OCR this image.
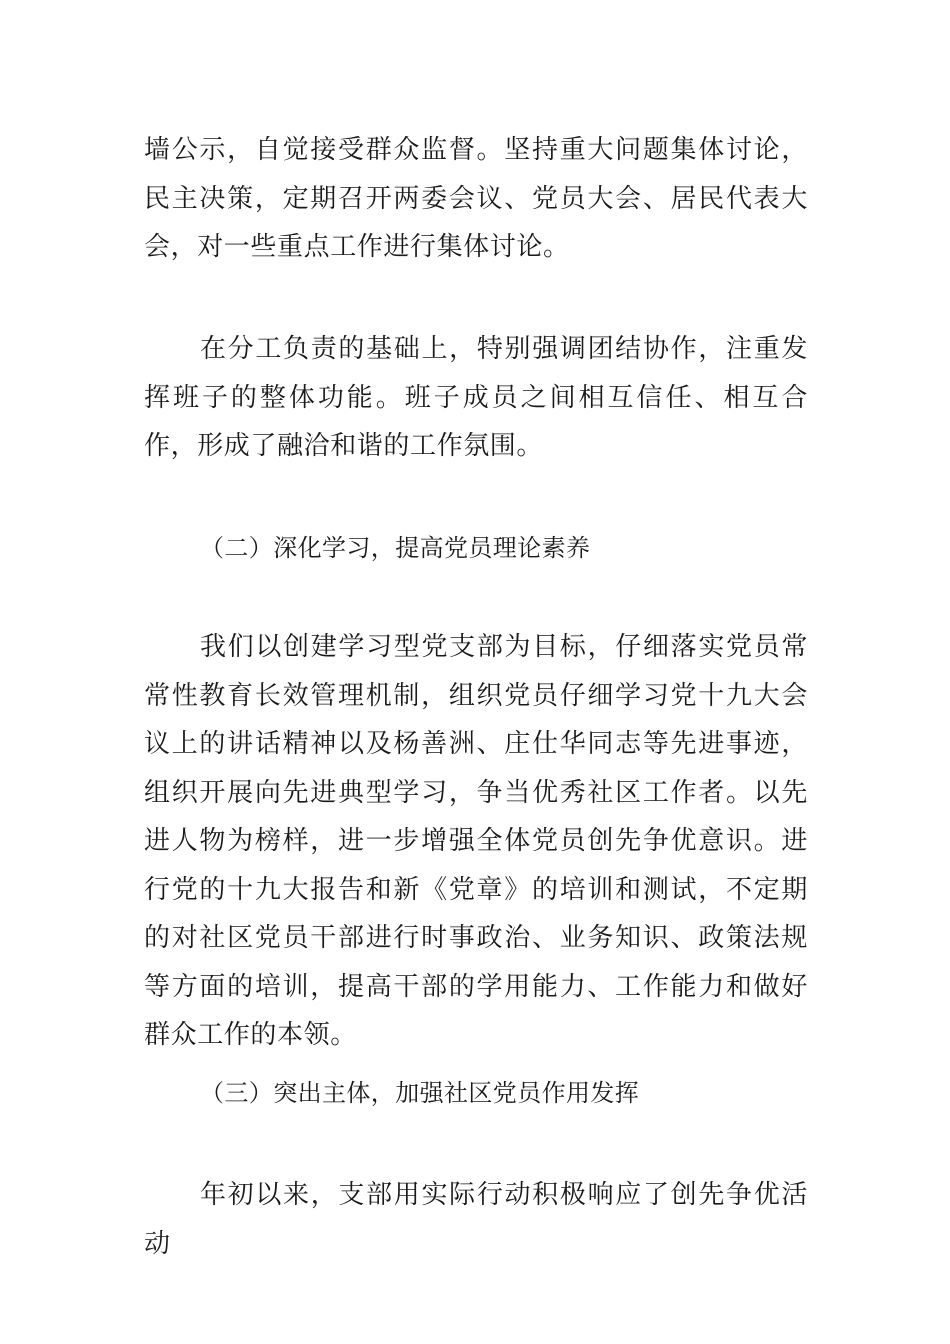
墙公示，自觉接受群众监督。坚持重大问题集体讨论，民主决策，定期召开两委会议、党员大会、居民代表大会，对一些重点工作进行集体讨论。

在分工负责的基础上，特别强调团结协作，注重发挥班子的整体功能。班子成员之间相互信任、相互合作，形成了融洽和谐的工作氛围。

（二）深化学习，提高党员理论素养

我们以创建学习型党支部为目标，仔细落实党员常常性教育长效管理机制，组织党员仔细学习党十九大会议上的讲话精神以及杨善洲、庄仕华同志等先进事迹，组织开展向先进典型学习，争当优秀社区工作者。以先进人物为榜样，进一步增强全体党员创先争优意识。进行党的十九大报告和新《党章》的培训和测试，不定期的对社区党员干部进行时事政治、业务知识、政策法规等方面的培训，提高干部的学用能力、工作能力和做好群众工作的本领。

（三）突出主体，加强社区党员作用发挥

年初以来，支部用实际行动积极响应了创先争优活动
